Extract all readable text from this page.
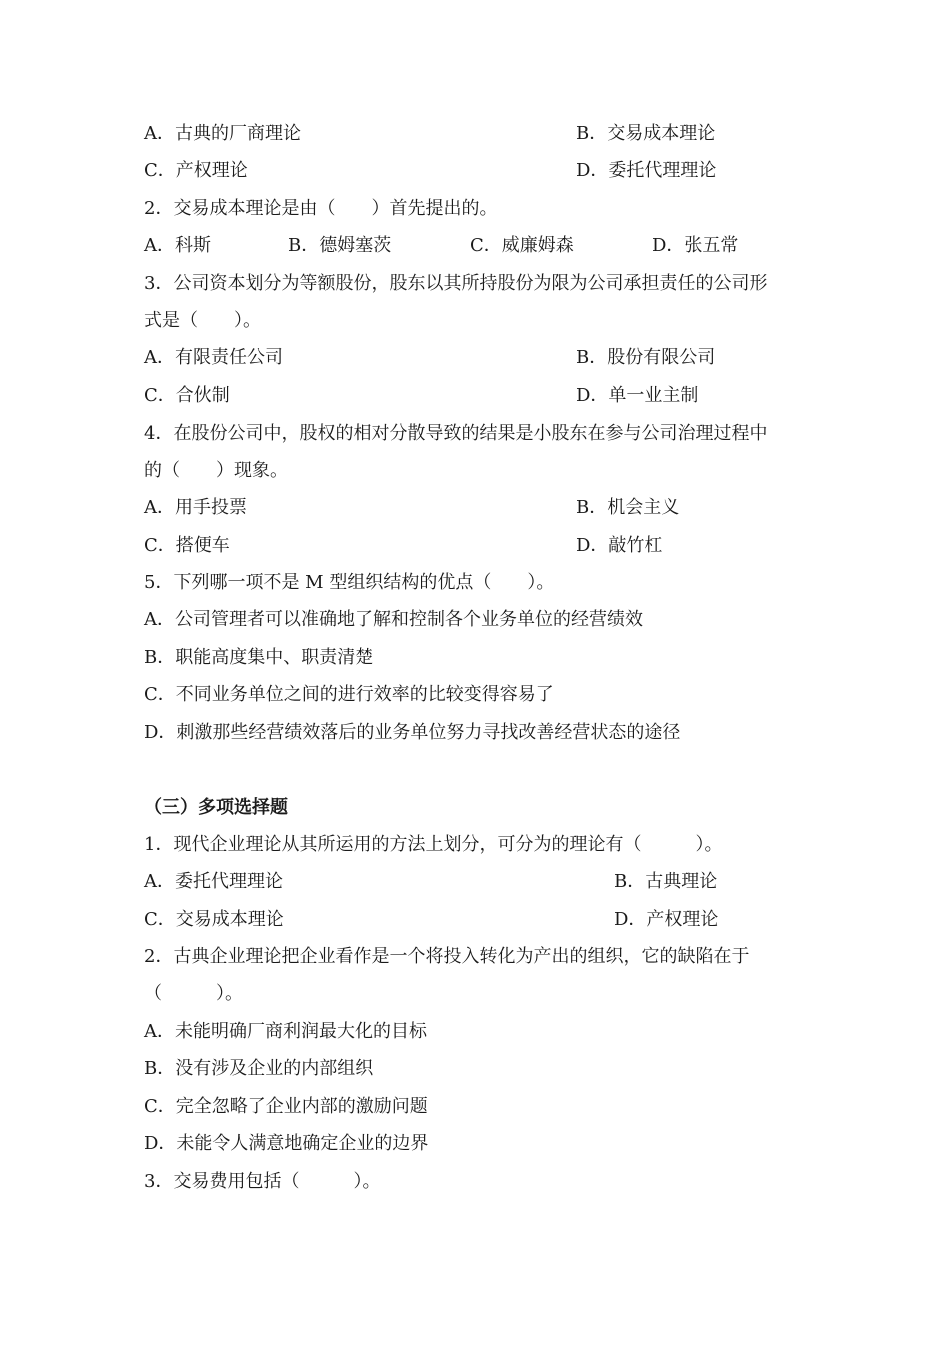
A．古典的厂商理论	B．交易成本理论
C．产权理论	D．委托代理理论
2．交易成本理论是由（　　）首先提出的。
A．科斯	B．德姆塞茨	C．威廉姆森	D．张五常
3．公司资本划分为等额股份，股东以其所持股份为限为公司承担责任的公司形
式是（　　）。
A．有限责任公司	B．股份有限公司
C．合伙制	D．单一业主制
4．在股份公司中，股权的相对分散导致的结果是小股东在参与公司治理过程中
的（　　）现象。
A．用手投票	B．机会主义
C．搭便车	D．敲竹杠
5．下列哪一项不是 M 型组织结构的优点（　　）。
A．公司管理者可以准确地了解和控制各个业务单位的经营绩效
B．职能高度集中、职责清楚
C．不同业务单位之间的进行效率的比较变得容易了
D．刺激那些经营绩效落后的业务单位努力寻找改善经营状态的途径
（三）多项选择题
1．现代企业理论从其所运用的方法上划分，可分为的理论有（　　　）。
A．委托代理理论	B．古典理论
C．交易成本理论	D．产权理论
2．古典企业理论把企业看作是一个将投入转化为产出的组织，它的缺陷在于
（　　　）。
A．未能明确厂商利润最大化的目标
B．没有涉及企业的内部组织
C．完全忽略了企业内部的激励问题
D．未能令人满意地确定企业的边界
3．交易费用包括（　　　）。
